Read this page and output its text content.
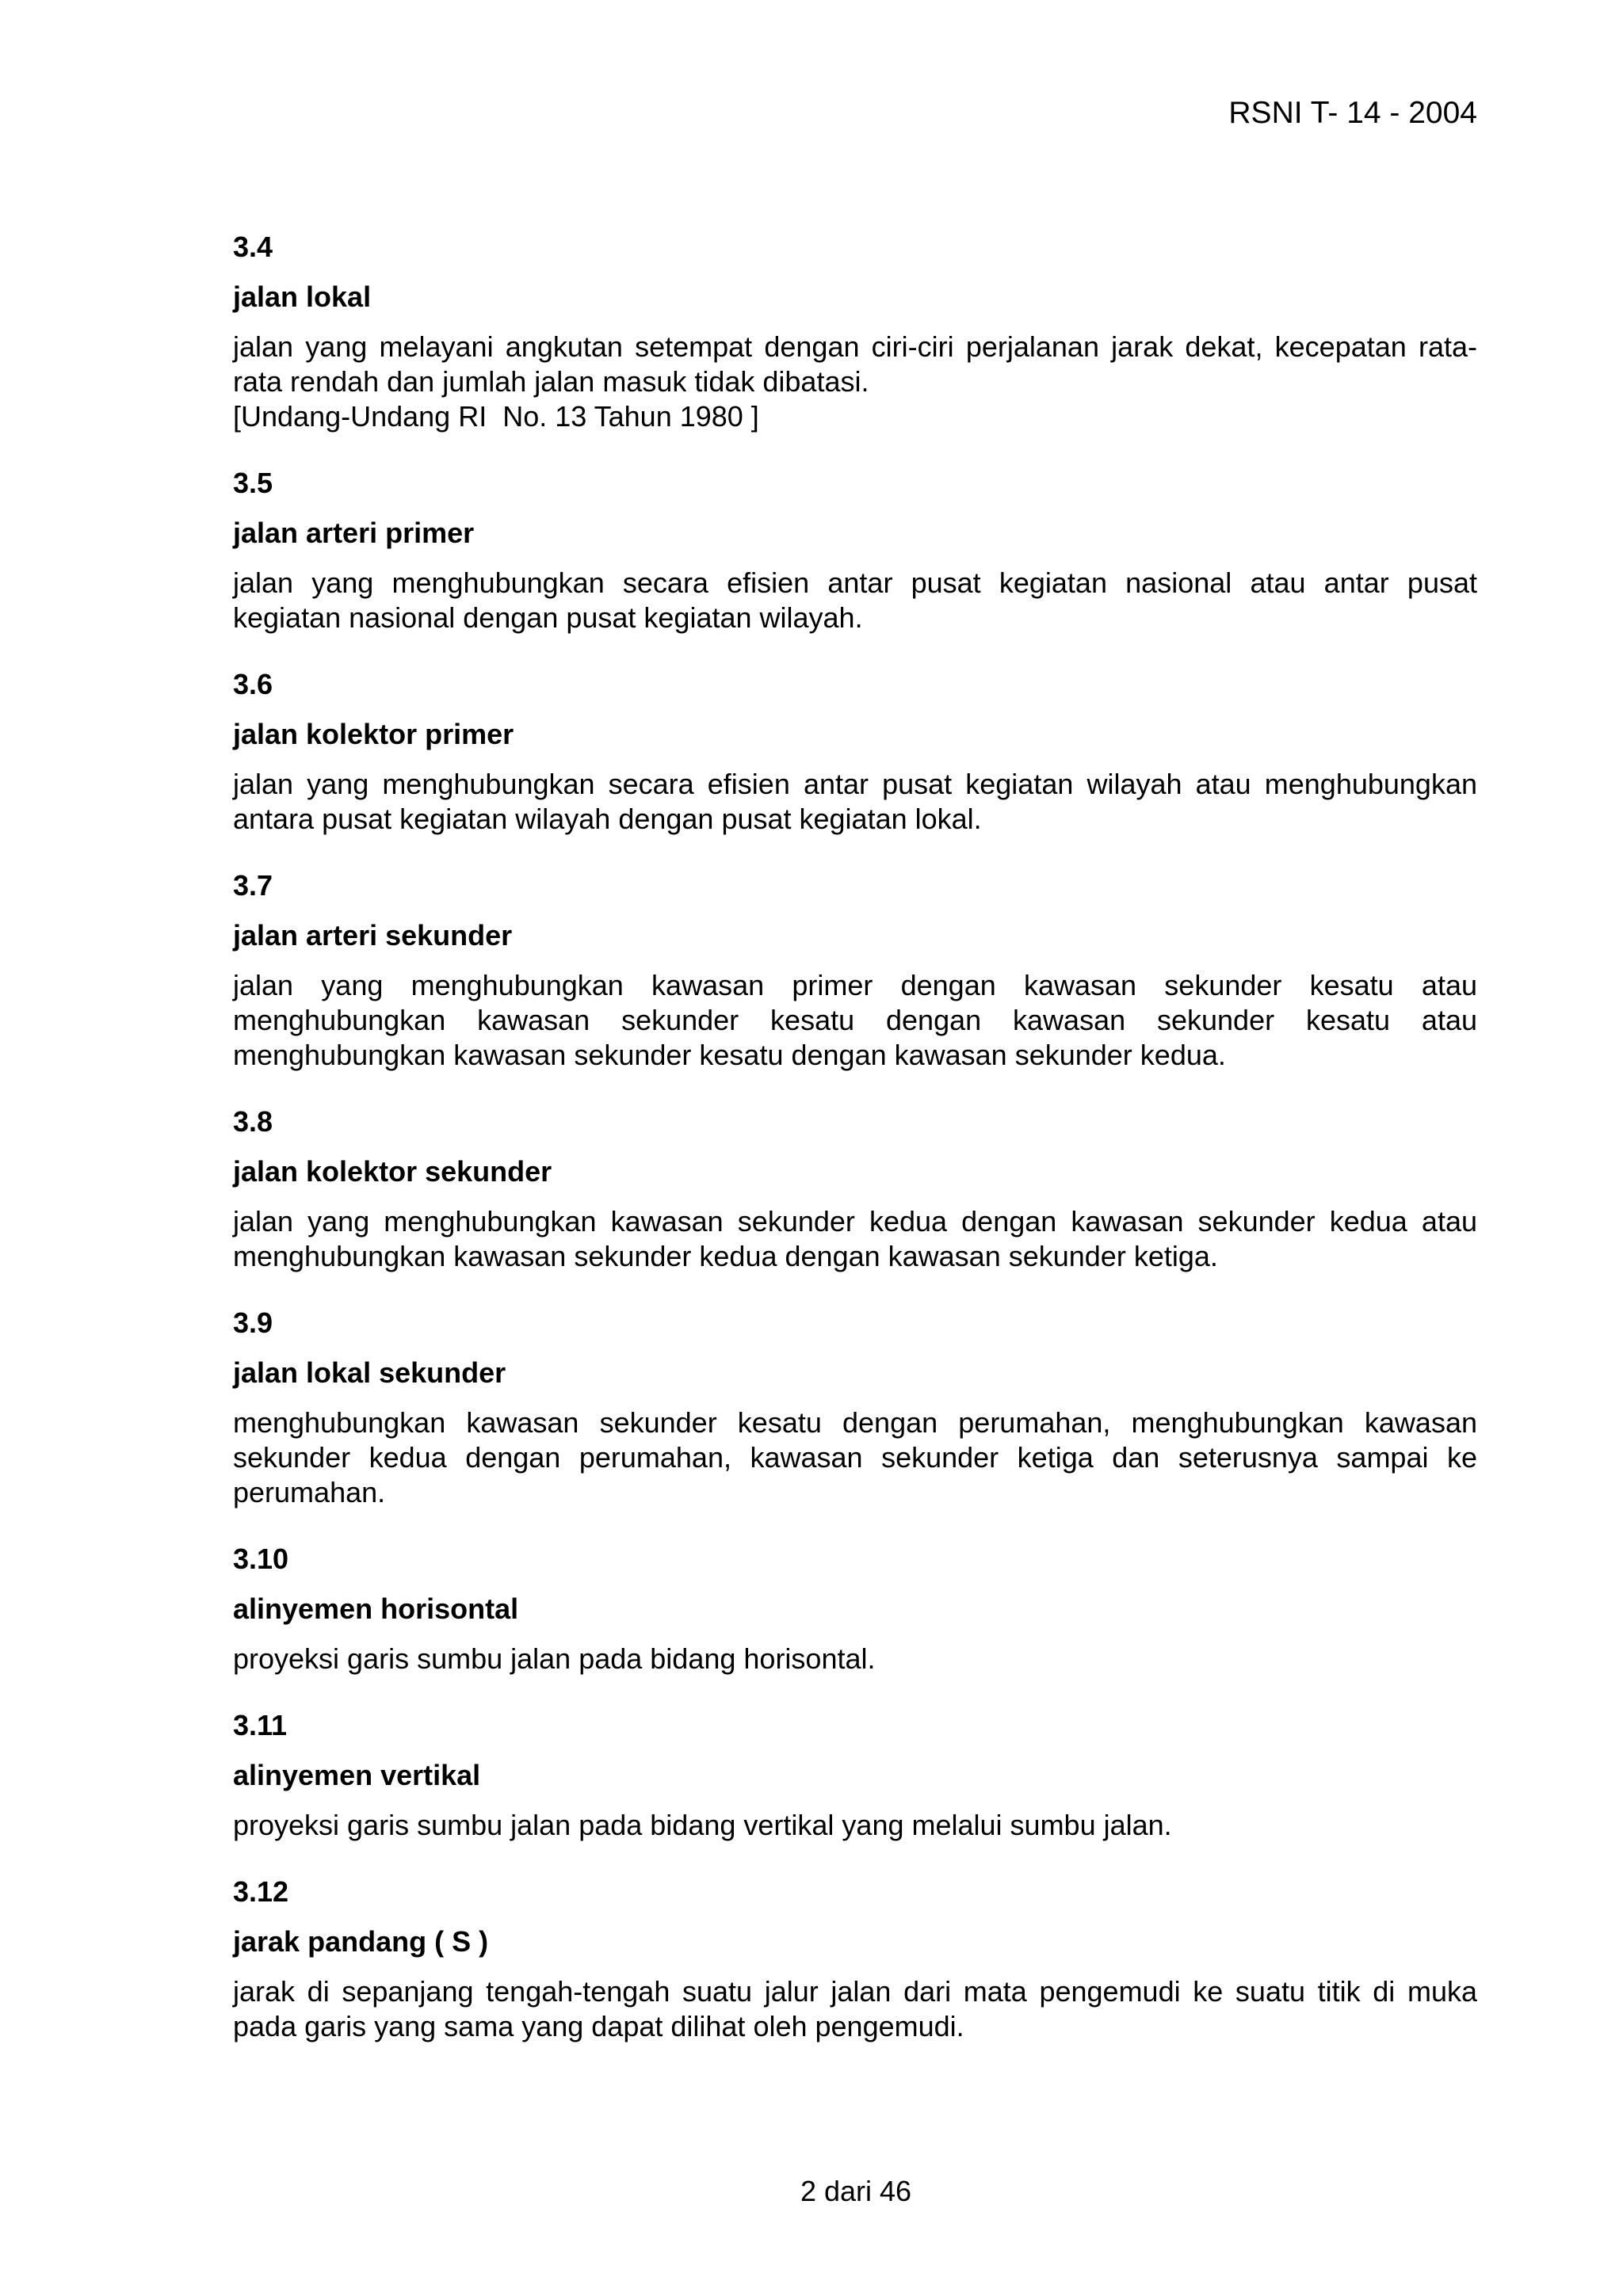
RSNI T- 14 - 2004
3.4
jalan lokal

jalan yang melayani angkutan setempat dengan ciri-ciri perjalanan jarak dekat, kecepatan rata-rata rendah dan jumlah jalan masuk tidak dibatasi.

[Undang-Undang RI  No. 13 Tahun 1980 ]

3.5
jalan arteri primer

jalan yang menghubungkan secara efisien antar pusat kegiatan nasional atau antar pusat kegiatan nasional dengan pusat kegiatan wilayah.

3.6
jalan kolektor primer

jalan yang menghubungkan secara efisien antar pusat kegiatan wilayah atau menghubungkan antara pusat kegiatan wilayah dengan pusat kegiatan lokal.

3.7
jalan arteri sekunder

jalan yang menghubungkan kawasan primer dengan kawasan sekunder kesatu atau menghubungkan kawasan sekunder kesatu dengan kawasan sekunder kesatu atau menghubungkan kawasan sekunder kesatu dengan kawasan sekunder kedua.

3.8
jalan kolektor sekunder

jalan yang menghubungkan kawasan sekunder kedua dengan kawasan sekunder kedua atau menghubungkan kawasan sekunder kedua dengan kawasan sekunder ketiga.

3.9
jalan lokal sekunder

menghubungkan kawasan sekunder kesatu dengan perumahan, menghubungkan kawasan sekunder kedua dengan perumahan, kawasan sekunder ketiga dan seterusnya sampai ke perumahan.

3.10
alinyemen horisontal

proyeksi garis sumbu jalan pada bidang horisontal.

3.11
alinyemen vertikal

proyeksi garis sumbu jalan pada bidang vertikal yang melalui sumbu jalan.

3.12
jarak pandang ( S )

jarak di sepanjang tengah-tengah suatu jalur jalan dari mata pengemudi ke suatu titik di muka pada garis yang sama yang dapat dilihat oleh pengemudi.

2 dari 46
